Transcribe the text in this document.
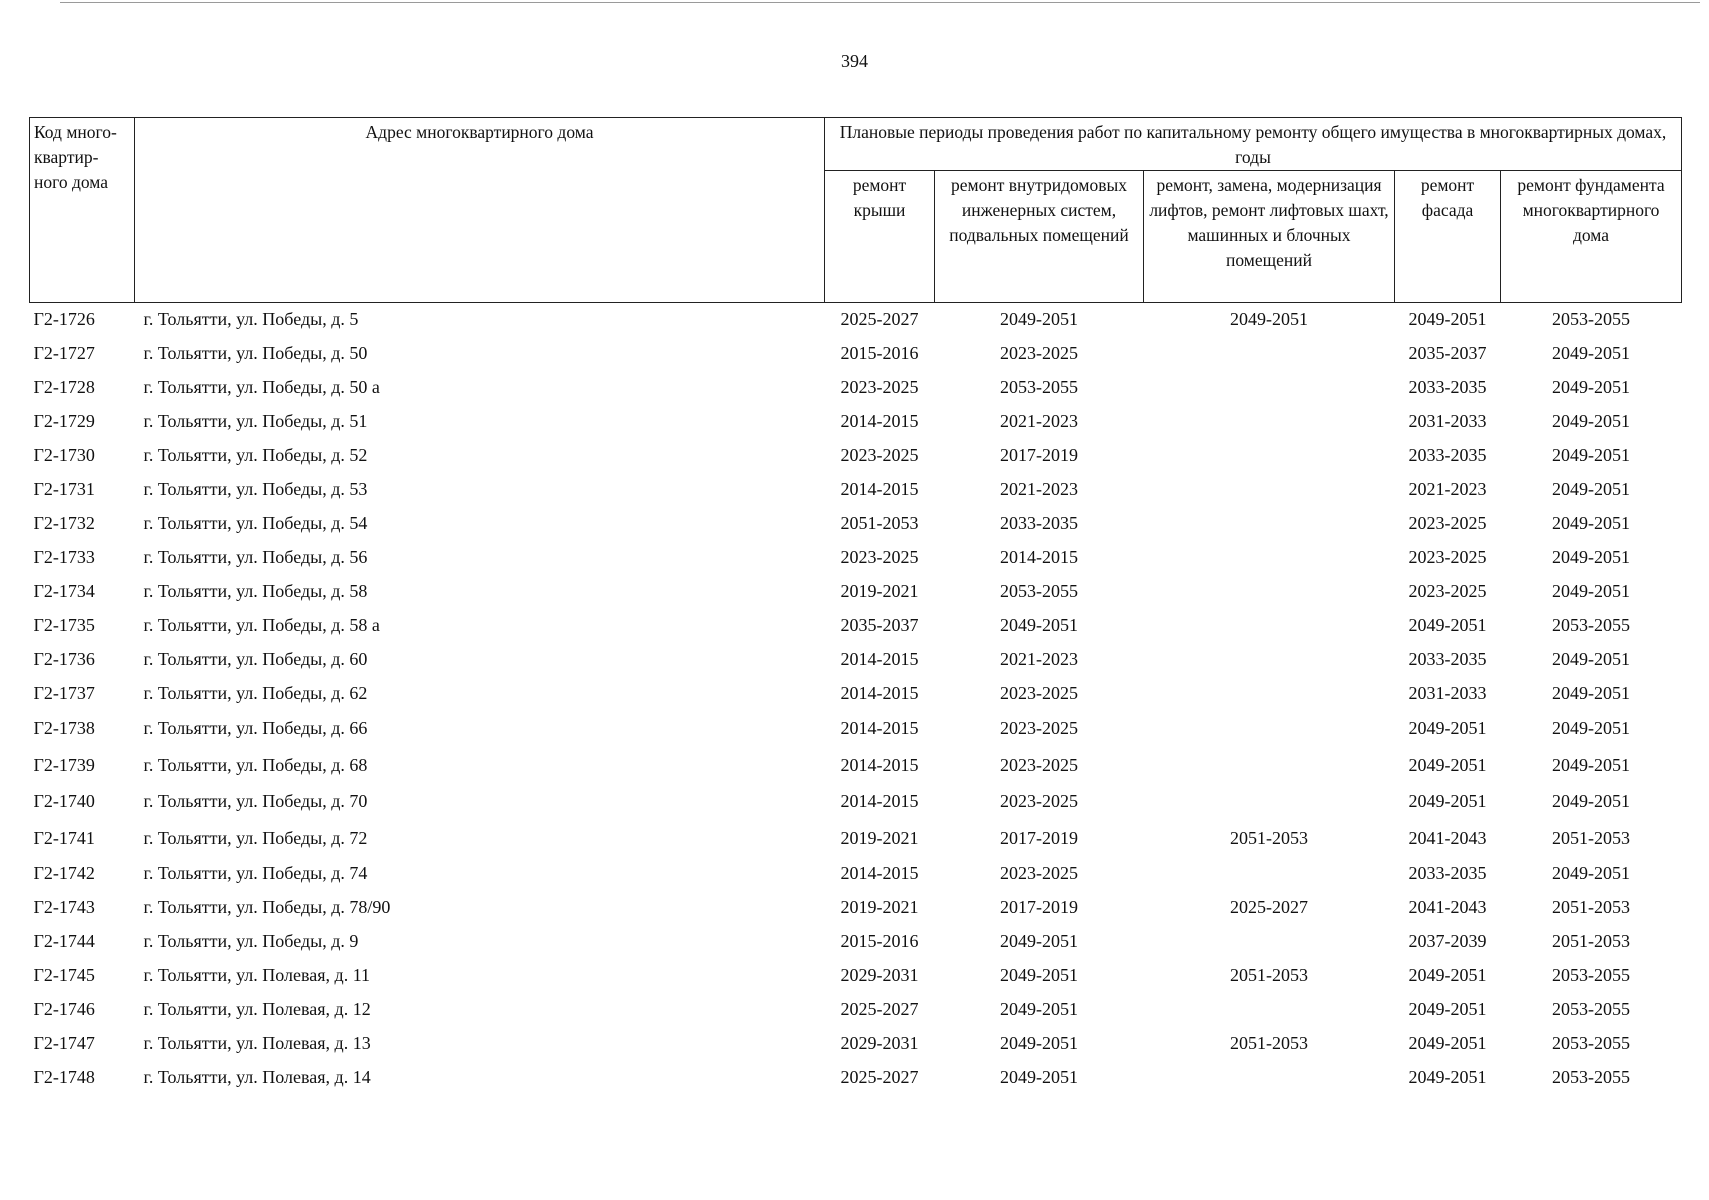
394
Код много-квартир-ного дома	Адрес многоквартирного дома	Плановые периоды проведения работ по капитальному ремонту общего имущества в многоквартирных домах, годы				
		ремонт крыши	ремонт внутридомовых инженерных систем, подвальных помещений	ремонт, замена, модернизация лифтов, ремонт лифтовых шахт, машинных и блочных помещений	ремонт фасада	ремонт фундамента многоквартирного дома
Г2-1726	г. Тольятти, ул. Победы, д. 5	2025-2027	2049-2051	2049-2051	2049-2051	2053-2055
Г2-1727	г. Тольятти, ул. Победы, д. 50	2015-2016	2023-2025		2035-2037	2049-2051
Г2-1728	г. Тольятти, ул. Победы, д. 50 а	2023-2025	2053-2055		2033-2035	2049-2051
Г2-1729	г. Тольятти, ул. Победы, д. 51	2014-2015	2021-2023		2031-2033	2049-2051
Г2-1730	г. Тольятти, ул. Победы, д. 52	2023-2025	2017-2019		2033-2035	2049-2051
Г2-1731	г. Тольятти, ул. Победы, д. 53	2014-2015	2021-2023		2021-2023	2049-2051
Г2-1732	г. Тольятти, ул. Победы, д. 54	2051-2053	2033-2035		2023-2025	2049-2051
Г2-1733	г. Тольятти, ул. Победы, д. 56	2023-2025	2014-2015		2023-2025	2049-2051
Г2-1734	г. Тольятти, ул. Победы, д. 58	2019-2021	2053-2055		2023-2025	2049-2051
Г2-1735	г. Тольятти, ул. Победы, д. 58 а	2035-2037	2049-2051		2049-2051	2053-2055
Г2-1736	г. Тольятти, ул. Победы, д. 60	2014-2015	2021-2023		2033-2035	2049-2051
Г2-1737	г. Тольятти, ул. Победы, д. 62	2014-2015	2023-2025		2031-2033	2049-2051
Г2-1738	г. Тольятти, ул. Победы, д. 66	2014-2015	2023-2025		2049-2051	2049-2051
Г2-1739	г. Тольятти, ул. Победы, д. 68	2014-2015	2023-2025		2049-2051	2049-2051
Г2-1740	г. Тольятти, ул. Победы, д. 70	2014-2015	2023-2025		2049-2051	2049-2051
Г2-1741	г. Тольятти, ул. Победы, д. 72	2019-2021	2017-2019	2051-2053	2041-2043	2051-2053
Г2-1742	г. Тольятти, ул. Победы, д. 74	2014-2015	2023-2025		2033-2035	2049-2051
Г2-1743	г. Тольятти, ул. Победы, д. 78/90	2019-2021	2017-2019	2025-2027	2041-2043	2051-2053
Г2-1744	г. Тольятти, ул. Победы, д. 9	2015-2016	2049-2051		2037-2039	2051-2053
Г2-1745	г. Тольятти, ул. Полевая, д. 11	2029-2031	2049-2051	2051-2053	2049-2051	2053-2055
Г2-1746	г. Тольятти, ул. Полевая, д. 12	2025-2027	2049-2051		2049-2051	2053-2055
Г2-1747	г. Тольятти, ул. Полевая, д. 13	2029-2031	2049-2051	2051-2053	2049-2051	2053-2055
Г2-1748	г. Тольятти, ул. Полевая, д. 14	2025-2027	2049-2051		2049-2051	2053-2055
